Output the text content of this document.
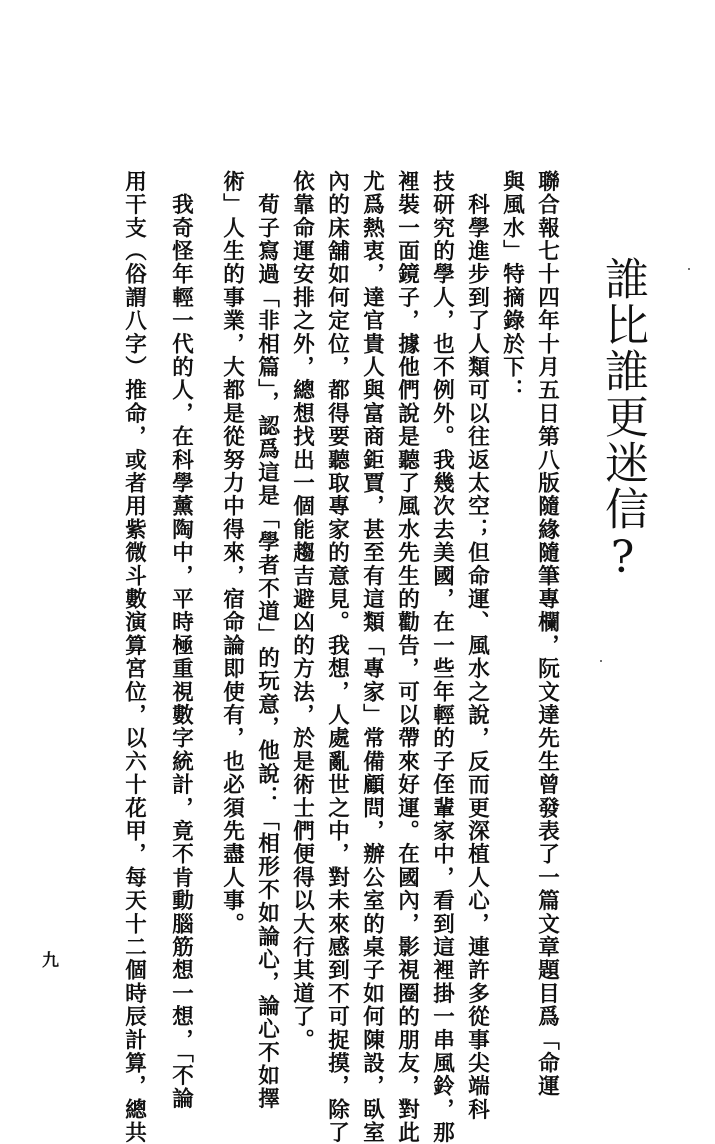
誰比誰更迷信?
聯合報七十四年十月五日第八版隨緣隨筆專欄，阮文達先生曾發表了一篇文章題目爲「命運
與風水」特摘錄於下：
　科學進步到了人類可以往返太空；但命運、風水之說，反而更深植人心，連許多從事尖端科
技研究的學人，也不例外。我幾次去美國，在一些年輕的子侄輩家中，看到這裡掛一串風鈴，那
裡裝一面鏡子，據他們說是聽了風水先生的勸告，可以帶來好運。在國內，影視圈的朋友，對此
尤爲熱衷，達官貴人與富商鉅賈，甚至有這類「專家」常備顧問，辦公室的桌子如何陳設，臥室
內的床舖如何定位，都得要聽取專家的意見。我想，人處亂世之中，對未來感到不可捉摸，除了
依靠命運安排之外，總想找出一個能趨吉避凶的方法，於是術士們便得以大行其道了。
　荀子寫過「非相篇」，認爲這是「學者不道」的玩意，他說：「相形不如論心，論心不如擇
術」人生的事業，大都是從努力中得來，宿命論即使有，也必須先盡人事。
　我奇怪年輕一代的人，在科學薰陶中，平時極重視數字統計，竟不肯動腦筋想一想，「不論
用干支（俗謂八字）推命，或者用紫微斗數演算宮位，以六十花甲，每天十二個時辰計算，總共
九
